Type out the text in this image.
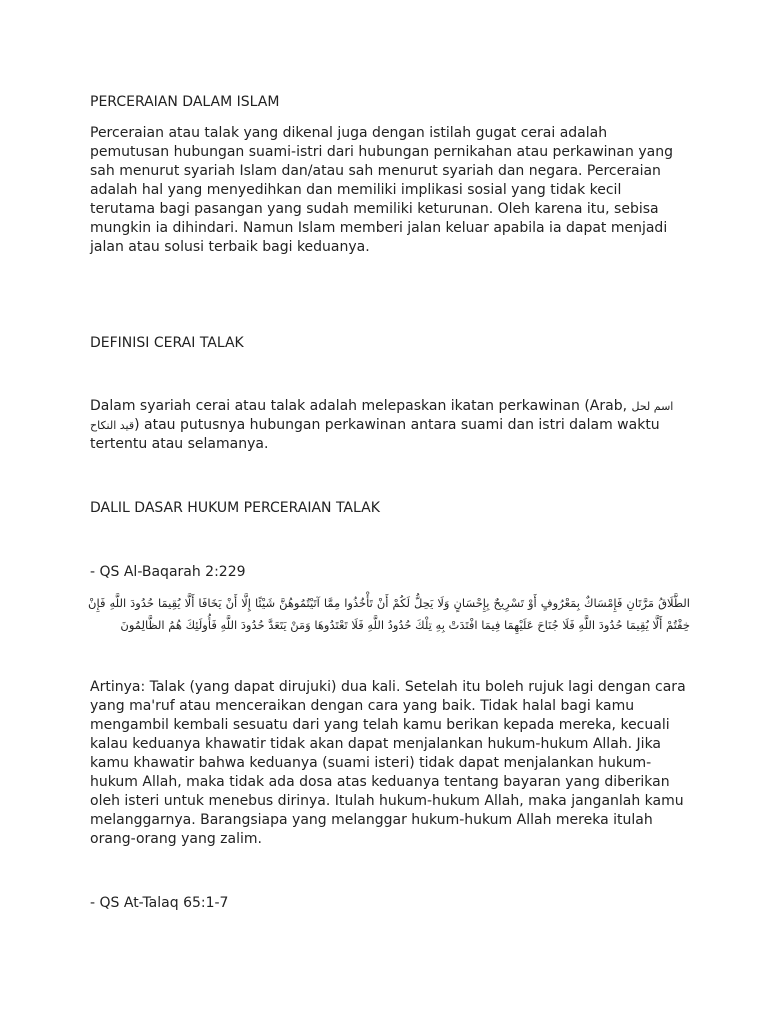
PERCERAIAN DALAM ISLAM
Perceraian atau talak yang dikenal juga dengan istilah gugat cerai adalah pemutusan hubungan suami-istri dari hubungan pernikahan atau perkawinan yang sah menurut syariah Islam dan/atau sah menurut syariah dan negara. Perceraian adalah hal yang menyedihkan dan memiliki implikasi sosial yang tidak kecil terutama bagi pasangan yang sudah memiliki keturunan. Oleh karena itu, sebisa mungkin ia dihindari. Namun Islam memberi jalan keluar apabila ia dapat menjadi jalan atau solusi terbaik bagi keduanya.
DEFINISI CERAI TALAK
Dalam syariah cerai atau talak adalah melepaskan ikatan perkawinan (Arab, اسم لحل قيد النكاح) atau putusnya hubungan perkawinan antara suami dan istri dalam waktu tertentu atau selamanya.
DALIL DASAR HUKUM PERCERAIAN TALAK
- QS Al-Baqarah 2:229
الطَّلَاقُ مَرَّتَانِ فَإِمْسَاكٌ بِمَعْرُوفٍ أَوْ تَسْرِيحٌ بِإِحْسَانٍ وَلَا يَحِلُّ لَكُمْ أَنْ تَأْخُذُوا مِمَّا آتَيْتُمُوهُنَّ شَيْئًا إِلَّا أَنْ يَخَافَا أَلَّا يُقِيمَا حُدُودَ اللَّهِ فَإِنْ خِفْتُمْ أَلَّا يُقِيمَا حُدُودَ اللَّهِ فَلَا جُنَاحَ عَلَيْهِمَا فِيمَا افْتَدَتْ بِهِ تِلْكَ حُدُودُ اللَّهِ فَلَا تَعْتَدُوهَا وَمَنْ يَتَعَدَّ حُدُودَ اللَّهِ فَأُولَئِكَ هُمُ الظَّالِمُونَ
Artinya: Talak (yang dapat dirujuki) dua kali. Setelah itu boleh rujuk lagi dengan cara yang ma'ruf atau menceraikan dengan cara yang baik. Tidak halal bagi kamu mengambil kembali sesuatu dari yang telah kamu berikan kepada mereka, kecuali kalau keduanya khawatir tidak akan dapat menjalankan hukum-hukum Allah. Jika kamu khawatir bahwa keduanya (suami isteri) tidak dapat menjalankan hukum-hukum Allah, maka tidak ada dosa atas keduanya tentang bayaran yang diberikan oleh isteri untuk menebus dirinya. Itulah hukum-hukum Allah, maka janganlah kamu melanggarnya. Barangsiapa yang melanggar hukum-hukum Allah mereka itulah orang-orang yang zalim.
- QS At-Talaq 65:1-7
